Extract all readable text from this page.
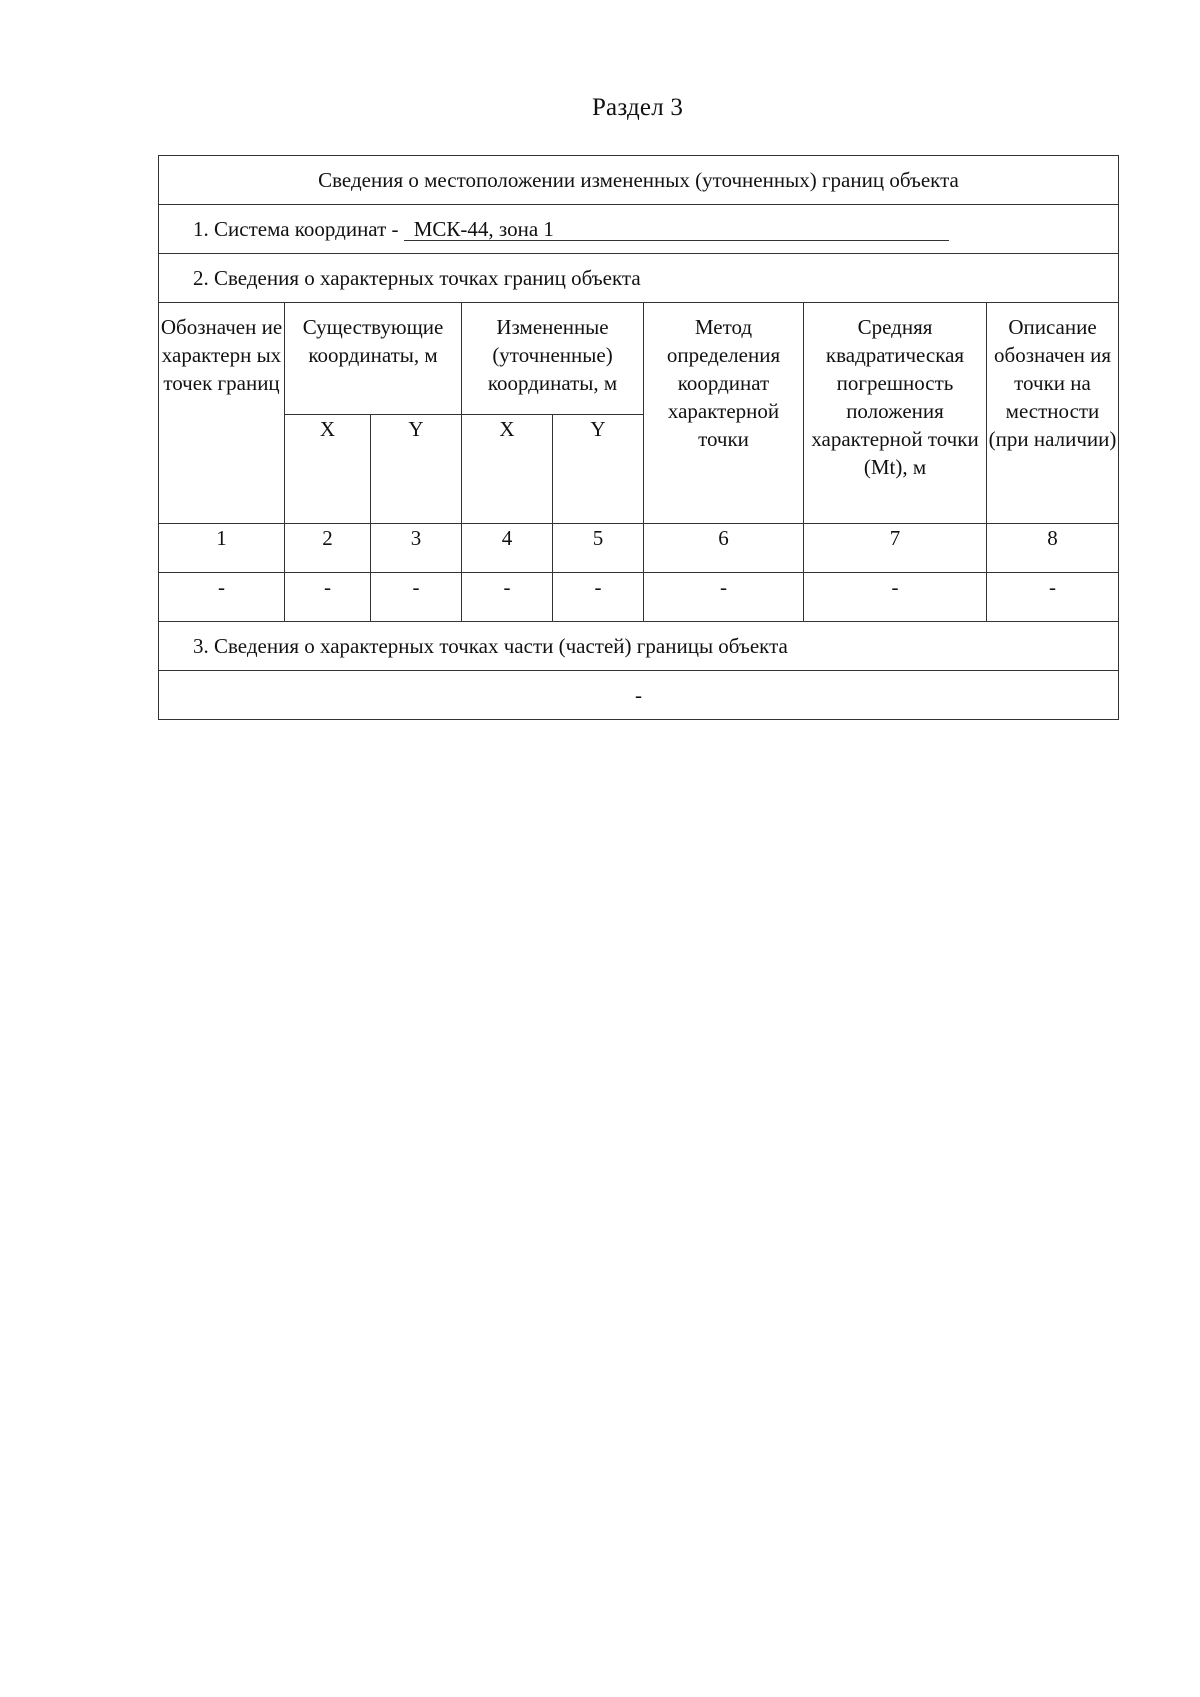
Раздел 3
Сведения о местоположении измененных (уточненных) границ объекта							
1. Система координат - МСК-44, зона 1							
2. Сведения о характерных точках границ объекта							
Обозначен ие характерн ых точек границ	Существующие координаты, м		Измененные (уточненные) координаты, м		Метод определения координат характерной точки	Средняя квадратическая погрешность положения характерной точки (Mt), м	Описание обозначен ия точки на местности (при наличии)
	X	Y	X	Y			
1	2	3	4	5	6	7	8
-	-	-	-	-	-	-	-
3. Сведения о характерных точках части (частей) границы объекта							
-							
